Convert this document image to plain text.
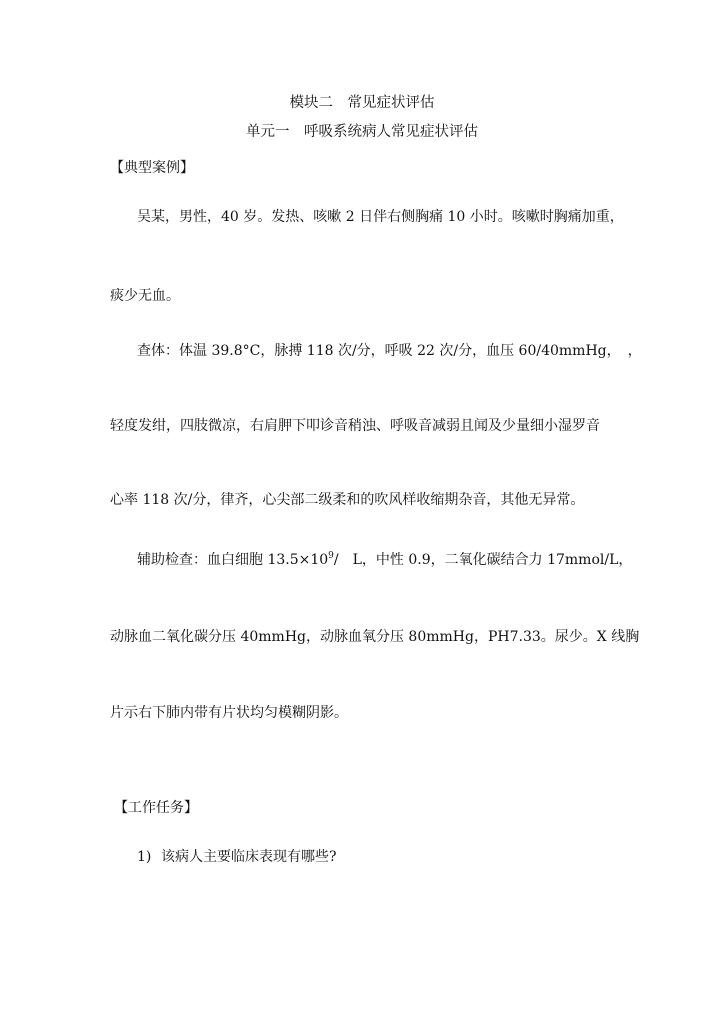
模块二　常见症状评估
单元一　呼吸系统病人常见症状评估
【典型案例】
吴某，男性，40 岁。发热、咳嗽 2 日伴右侧胸痛 10 小时。咳嗽时胸痛加重，
痰少无血。
查体：体温 39.8°C，脉搏 118 次/分，呼吸 22 次/分，血压 60/40mmHg，　，
轻度发绀，四肢微凉，右肩胛下叩诊音稍浊、呼吸音减弱且闻及少量细小湿罗音
心率 118 次/分，律齐，心尖部二级柔和的吹风样收缩期杂音，其他无异常。
辅助检查：血白细胞 $13.5\times 10^9/$　L，中性 0.9，二氧化碳结合力 17mmol/L，
动脉血二氧化碳分压 40mmHg，动脉血氧分压 80mmHg，PH7.33。尿少。X 线胸
片示右下肺内带有片状均匀模糊阴影。
【工作任务】
1) 该病人主要临床表现有哪些?
